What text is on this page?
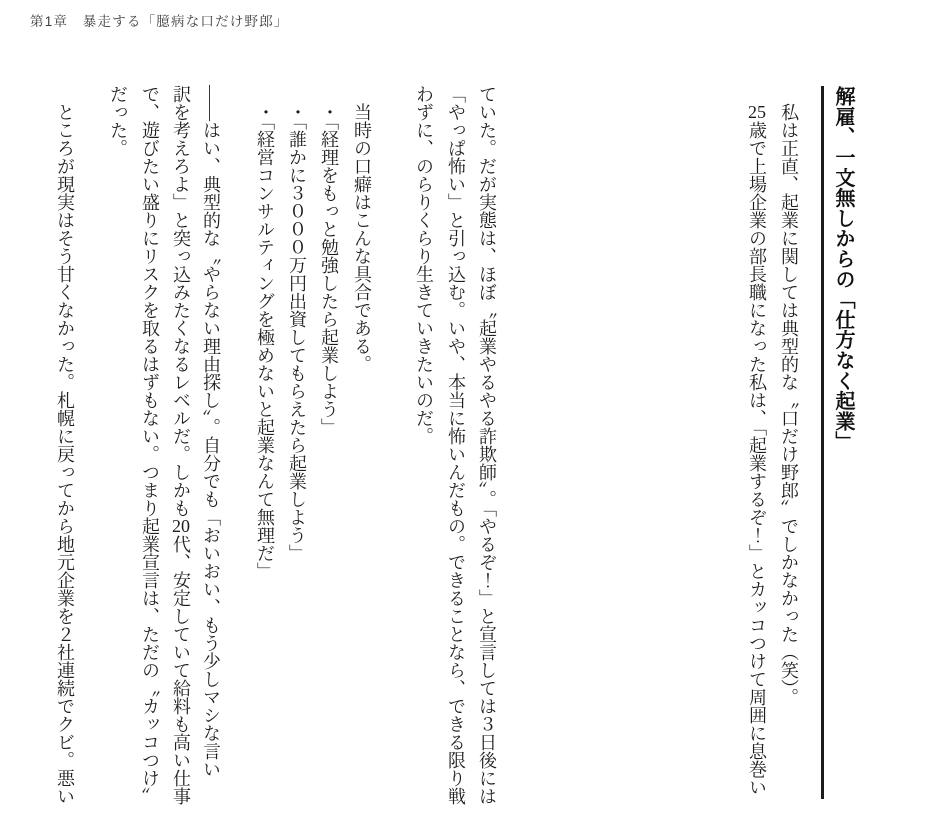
第1章　暴走する「臆病な口だけ野郎」
解雇、一文無しからの「仕方なく起業」
　私は正直、起業に関しては典型的な〝口だけ野郎〟でしかなかった（笑）。
　25歳で上場企業の部長職になった私は、「起業するぞ！」とカッコつけて周囲に息巻い
ていた。だが実態は、ほぼ〝起業やるやる詐欺師〟。「やるぞ！」と宣言しては３日後には
「やっぱ怖い」と引っ込む。いや、本当に怖いんだもの。できることなら、できる限り戦
わずに、のらりくらり生きていきたいのだ。
　当時の口癖はこんな具合である。
　・「経理をもっと勉強したら起業しよう」
　・「誰かに３０００万円出資してもらえたら起業しよう」
　・「経営コンサルティングを極めないと起業なんて無理だ」
――はい、典型的な〝やらない理由探し〟。自分でも「おいおい、もう少しマシな言い
訳を考えろよ」と突っ込みたくなるレベルだ。しかも20代、安定していて給料も高い仕事
で、遊びたい盛りにリスクを取るはずもない。つまり起業宣言は、ただの〝カッコつけ〟
だった。
　ところが現実はそう甘くなかった。札幌に戻ってから地元企業を２社連続でクビ。悪い
